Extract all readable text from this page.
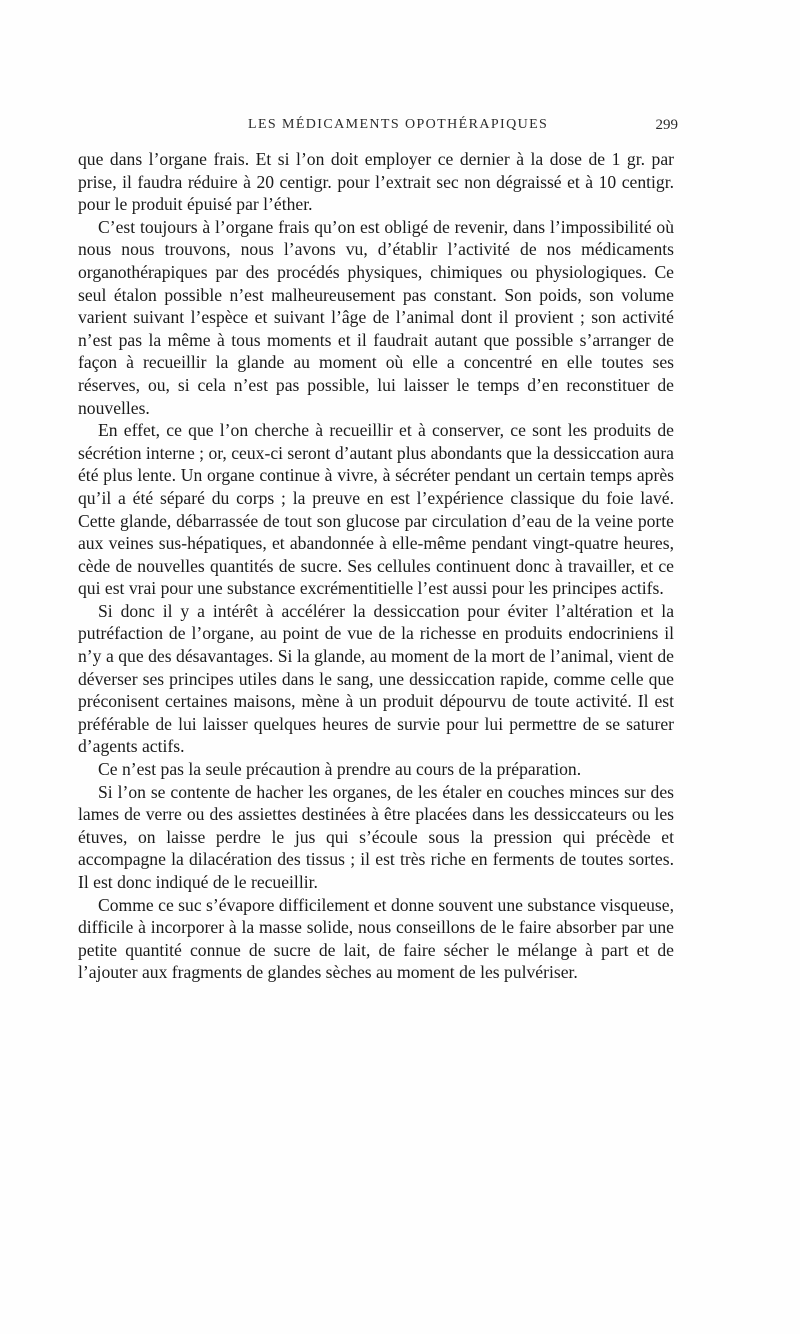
LES MÉDICAMENTS OPOTHÉRAPIQUES	299

que dans l’organe frais. Et si l’on doit employer ce dernier à la dose de 1 gr. par prise, il faudra réduire à 20 centigr. pour l’extrait sec non dégraissé et à 10 centigr. pour le produit épuisé par l’éther.

C’est toujours à l’organe frais qu’on est obligé de revenir, dans l’impossibilité où nous nous trouvons, nous l’avons vu, d’établir l’activité de nos médicaments organothérapiques par des procédés physiques, chimiques ou physiologiques. Ce seul étalon possible n’est malheureusement pas constant. Son poids, son volume varient suivant l’espèce et suivant l’âge de l’animal dont il provient ; son activité n’est pas la même à tous moments et il faudrait autant que possible s’arranger de façon à recueillir la glande au moment où elle a concentré en elle toutes ses réserves, ou, si cela n’est pas possible, lui laisser le temps d’en reconstituer de nouvelles.

En effet, ce que l’on cherche à recueillir et à conserver, ce sont les produits de sécrétion interne ; or, ceux-ci seront d’autant plus abondants que la dessiccation aura été plus lente. Un organe continue à vivre, à sécréter pendant un certain temps après qu’il a été séparé du corps ; la preuve en est l’expérience classique du foie lavé. Cette glande, débarrassée de tout son glucose par circulation d’eau de la veine porte aux veines sus-hépatiques, et abandonnée à elle-même pendant vingt-quatre heures, cède de nouvelles quantités de sucre. Ses cellules continuent donc à travailler, et ce qui est vrai pour une substance excrémentitielle l’est aussi pour les principes actifs.

Si donc il y a intérêt à accélérer la dessiccation pour éviter l’altération et la putréfaction de l’organe, au point de vue de la richesse en produits endocriniens il n’y a que des désavantages. Si la glande, au moment de la mort de l’animal, vient de déverser ses principes utiles dans le sang, une dessiccation rapide, comme celle que préconisent certaines maisons, mène à un produit dépourvu de toute activité. Il est préférable de lui laisser quelques heures de survie pour lui permettre de se saturer d’agents actifs.

Ce n’est pas la seule précaution à prendre au cours de la préparation.

Si l’on se contente de hacher les organes, de les étaler en couches minces sur des lames de verre ou des assiettes destinées à être placées dans les dessiccateurs ou les étuves, on laisse perdre le jus qui s’écoule sous la pression qui précède et accompagne la dilacération des tissus ; il est très riche en ferments de toutes sortes. Il est donc indiqué de le recueillir.

Comme ce suc s’évapore difficilement et donne souvent une substance visqueuse, difficile à incorporer à la masse solide, nous conseillons de le faire absorber par une petite quantité connue de sucre de lait, de faire sécher le mélange à part et de l’ajouter aux fragments de glandes sèches au moment de les pulvériser.
